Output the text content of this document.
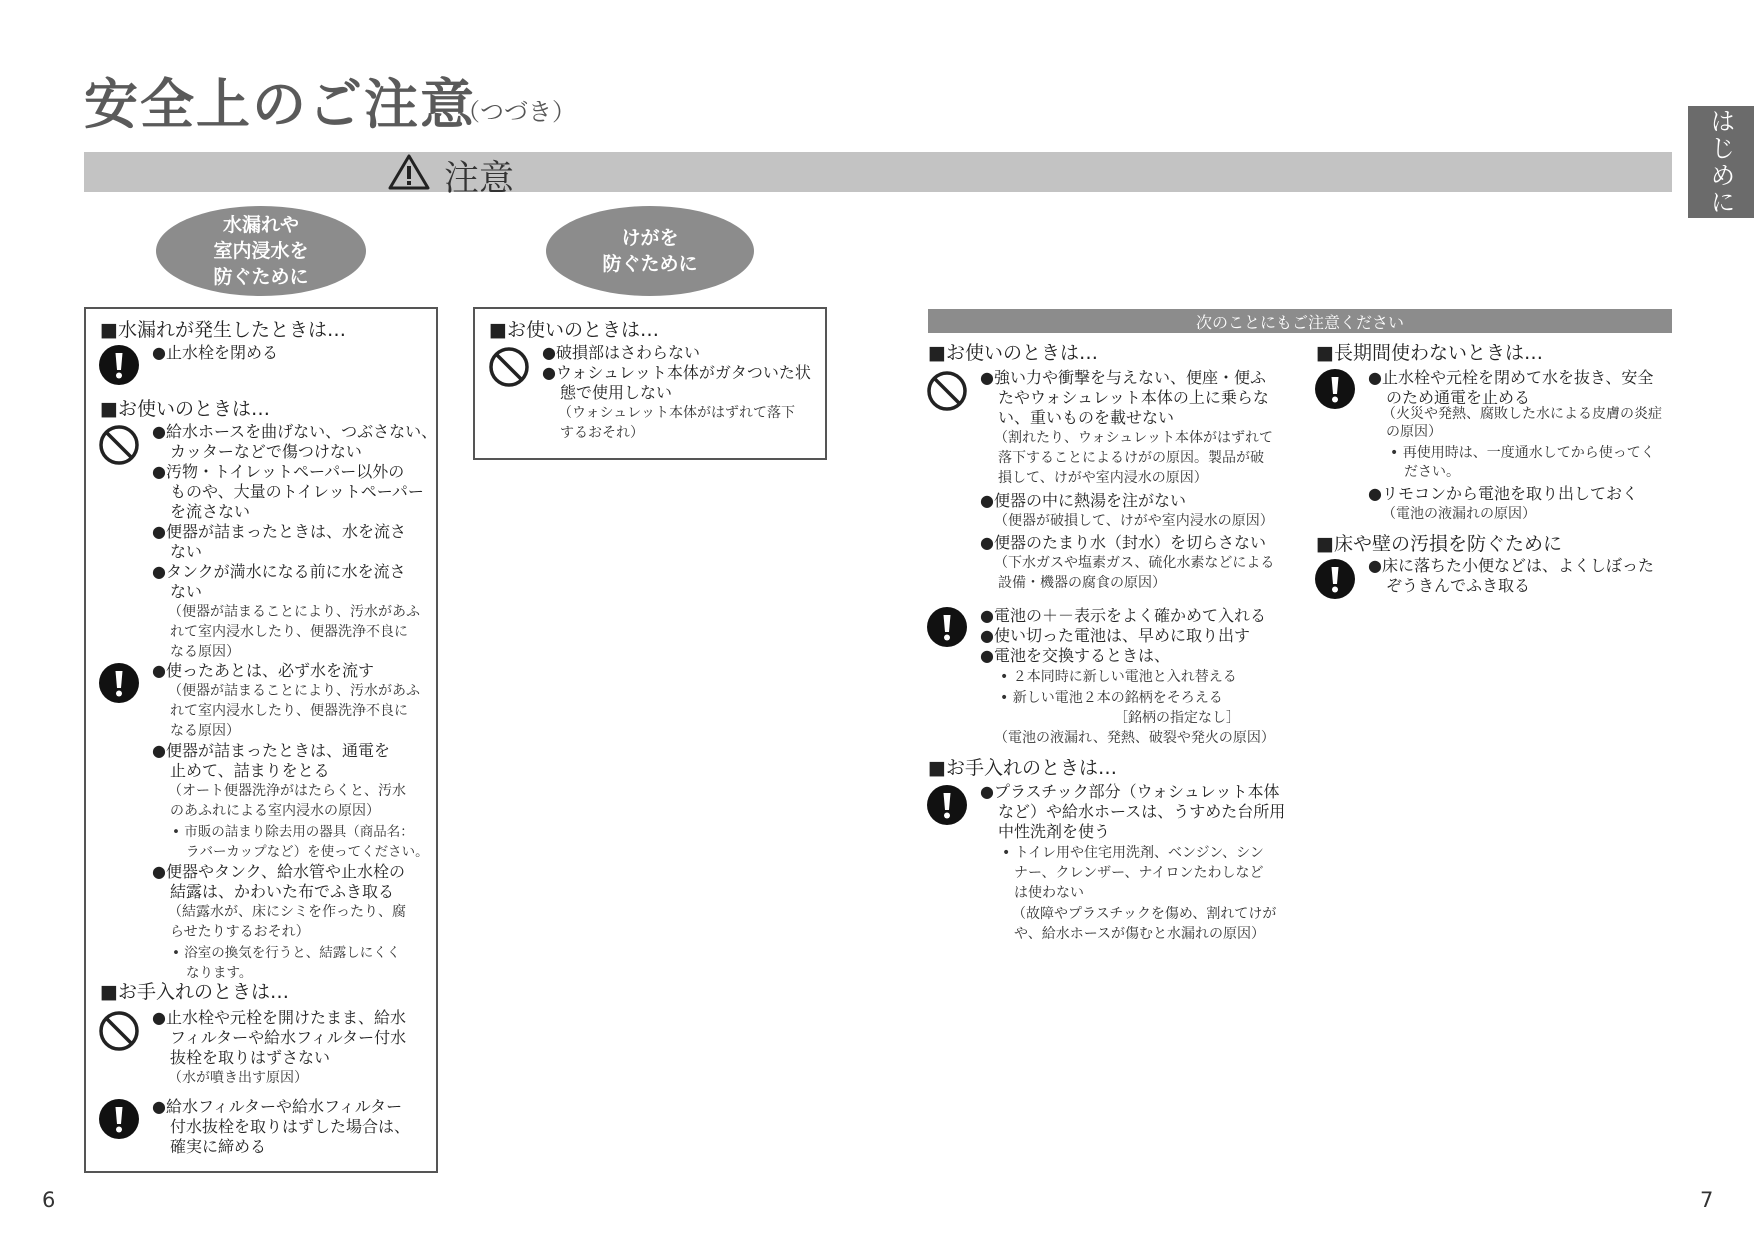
安全上のご注意
（つづき）	はじめに
注意
水漏れや
室内浸水を
防ぐために
けがを
防ぐために
■水漏れが発生したときは…
●止水栓を閉める
■お使いのときは…
●給水ホースを曲げない、つぶさない、
カッターなどで傷つけない
●汚物・トイレットペーパー以外の
ものや、大量のトイレットペーパー
を流さない
●便器が詰まったときは、水を流さ
ない
●タンクが満水になる前に水を流さ
ない
（便器が詰まることにより、汚水があふ
れて室内浸水したり、便器洗浄不良に
なる原因）
●使ったあとは、必ず水を流す
（便器が詰まることにより、汚水があふ
れて室内浸水したり、便器洗浄不良に
なる原因）
●便器が詰まったときは、通電を
止めて、詰まりをとる
（オート便器洗浄がはたらくと、汚水
のあふれによる室内浸水の原因）
• 市販の詰まり除去用の器具（商品名：
ラバーカップなど）を使ってください。
●便器やタンク、給水管や止水栓の
結露は、かわいた布でふき取る
（結露水が、床にシミを作ったり、腐
らせたりするおそれ）
• 浴室の換気を行うと、結露しにくく
なります。
■お手入れのときは…
●止水栓や元栓を開けたまま、給水
フィルターや給水フィルター付水
抜栓を取りはずさない
（水が噴き出す原因）
●給水フィルターや給水フィルター
付水抜栓を取りはずした場合は、
確実に締める
■お使いのときは…
●破損部はさわらない
●ウォシュレット本体がガタついた状
態で使用しない
（ウォシュレット本体がはずれて落下
するおそれ）
次のことにもご注意ください
■お使いのときは…
●強い力や衝撃を与えない、便座・便ふ
たやウォシュレット本体の上に乗らな
い、重いものを載せない
（割れたり、ウォシュレット本体がはずれて
落下することによるけがの原因。製品が破
損して、けがや室内浸水の原因）
●便器の中に熱湯を注がない
（便器が破損して、けがや室内浸水の原因）
●便器のたまり水（封水）を切らさない
（下水ガスや塩素ガス、硫化水素などによる
設備・機器の腐食の原因）
●電池の＋－表示をよく確かめて入れる
●使い切った電池は、早めに取り出す
●電池を交換するときは、
• ２本同時に新しい電池と入れ替える
• 新しい電池２本の銘柄をそろえる
［銘柄の指定なし］
（電池の液漏れ、発熱、破裂や発火の原因）
■お手入れのときは…
●プラスチック部分（ウォシュレット本体
など）や給水ホースは、うすめた台所用
中性洗剤を使う
• トイレ用や住宅用洗剤、ベンジン、シン
ナー、クレンザー、ナイロンたわしなど
は使わない
（故障やプラスチックを傷め、割れてけが
や、給水ホースが傷むと水漏れの原因）
■長期間使わないときは…
●止水栓や元栓を閉めて水を抜き、安全
のため通電を止める
（火災や発熱、腐敗した水による皮膚の炎症
の原因）
• 再使用時は、一度通水してから使ってく
ださい。
●リモコンから電池を取り出しておく
（電池の液漏れの原因）
■床や壁の汚損を防ぐために
●床に落ちた小便などは、よくしぼった
ぞうきんでふき取る
6	7
